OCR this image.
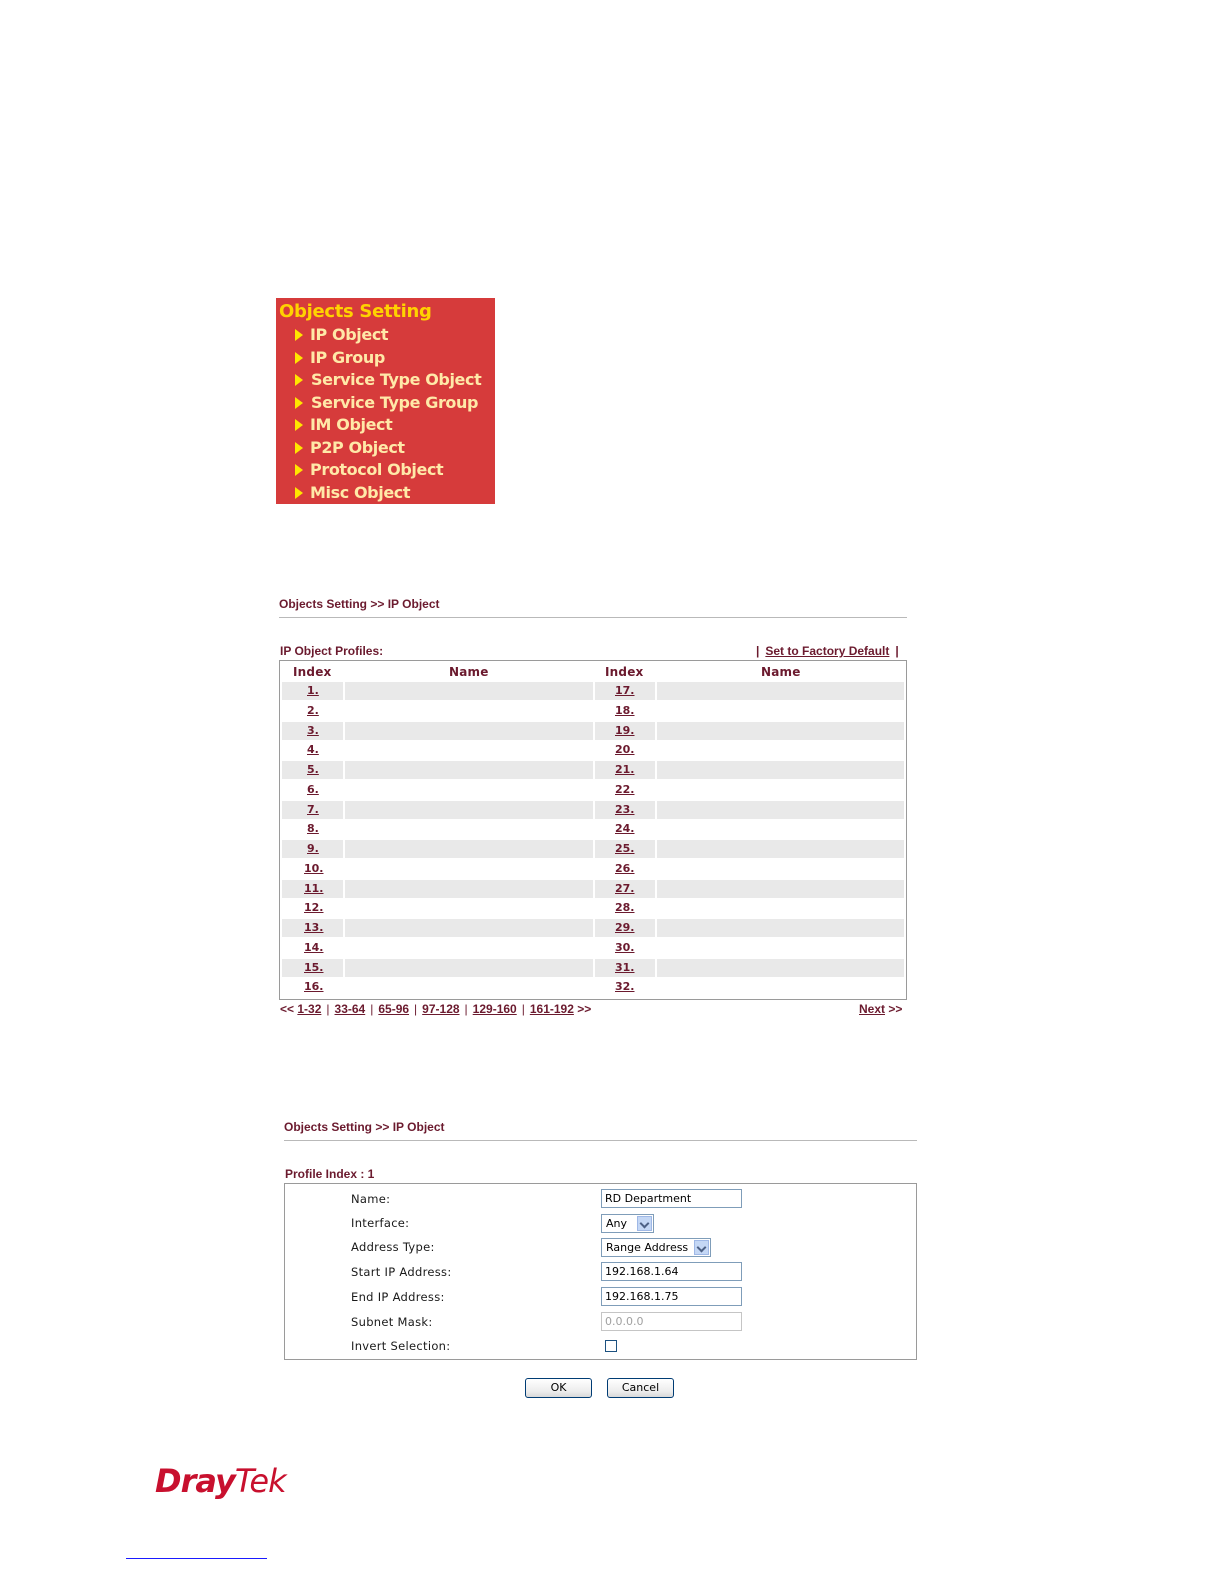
Objects Setting
IP Object
IP Group
Service Type Object
Service Type Group
IM Object
P2P Object
Protocol Object
Misc Object
Objects Setting >> IP Object
IP Object Profiles:	| Set to Factory Default |
Index	Name	Index	Name
1.	17.
2.	18.
3.	19.
4.	20.
5.	21.
6.	22.
7.	23.
8.	24.
9.	25.
10.	26.
11.	27.
12.	28.
13.	29.
14.	30.
15.	31.
16.	32.
<< 1-32 | 33-64 | 65-96 | 97-128 | 129-160 | 161-192 >>	Next >>
Objects Setting >> IP Object
Profile Index : 1
Name:
RD Department
Interface:	Any
Address Type:	Range Address
Start IP Address:
192.168.1.64
End IP Address:
192.168.1.75
Subnet Mask:
0.0.0.0
Invert Selection:
OK	Cancel
DrayTek
